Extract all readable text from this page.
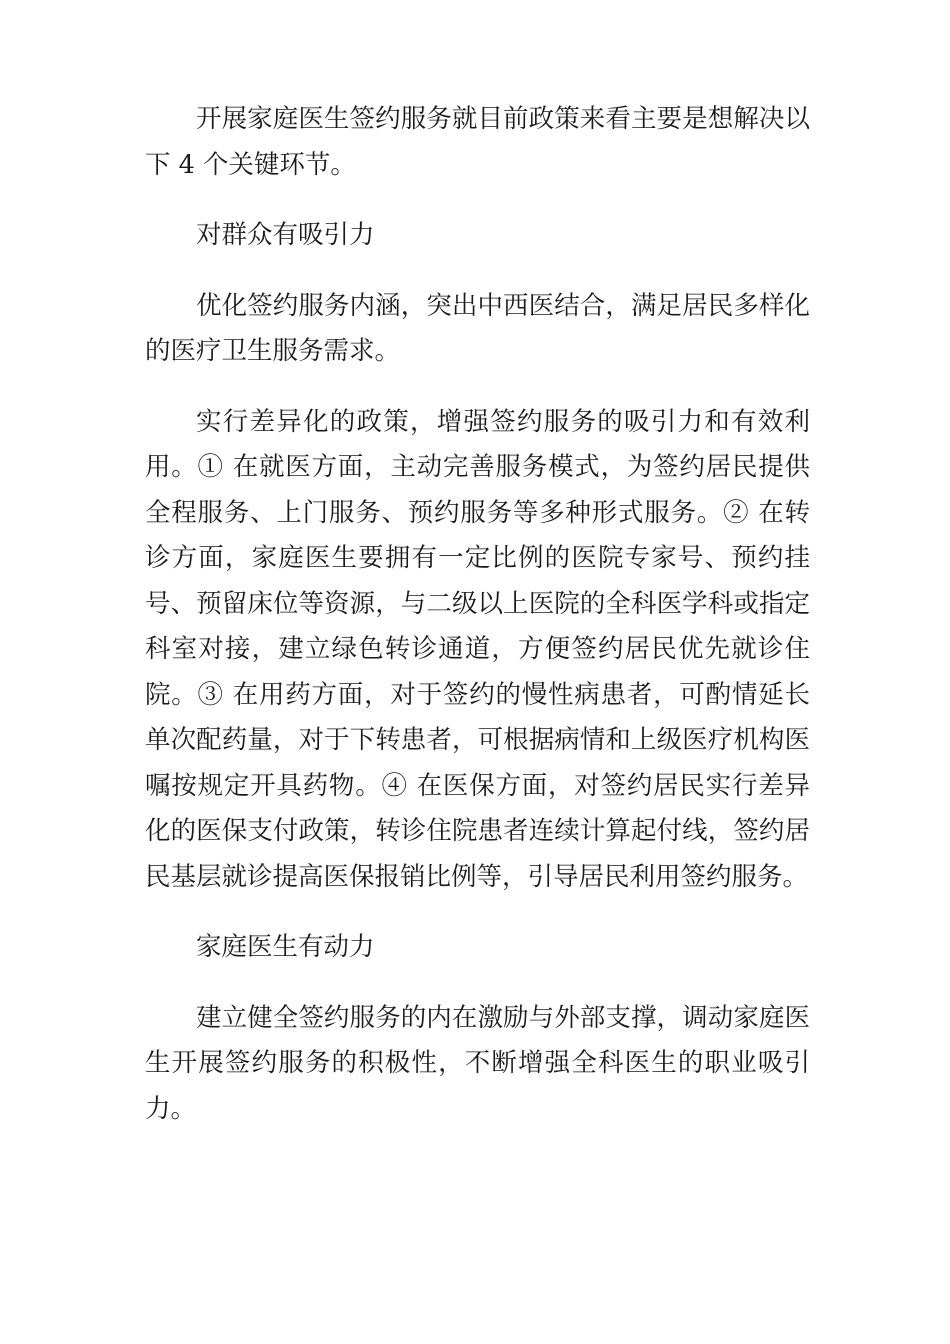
开展家庭医生签约服务就目前政策来看主要是想解决以下 4 个关键环节。

对群众有吸引力

优化签约服务内涵，突出中西医结合，满足居民多样化的医疗卫生服务需求。

实行差异化的政策，增强签约服务的吸引力和有效利用。① 在就医方面，主动完善服务模式，为签约居民提供全程服务、上门服务、预约服务等多种形式服务。② 在转诊方面，家庭医生要拥有一定比例的医院专家号、预约挂号、预留床位等资源，与二级以上医院的全科医学科或指定科室对接，建立绿色转诊通道，方便签约居民优先就诊住院。③ 在用药方面，对于签约的慢性病患者，可酌情延长单次配药量，对于下转患者，可根据病情和上级医疗机构医嘱按规定开具药物。④ 在医保方面，对签约居民实行差异化的医保支付政策，转诊住院患者连续计算起付线，签约居民基层就诊提高医保报销比例等，引导居民利用签约服务。

家庭医生有动力

建立健全签约服务的内在激励与外部支撑，调动家庭医生开展签约服务的积极性，不断增强全科医生的职业吸引力。
